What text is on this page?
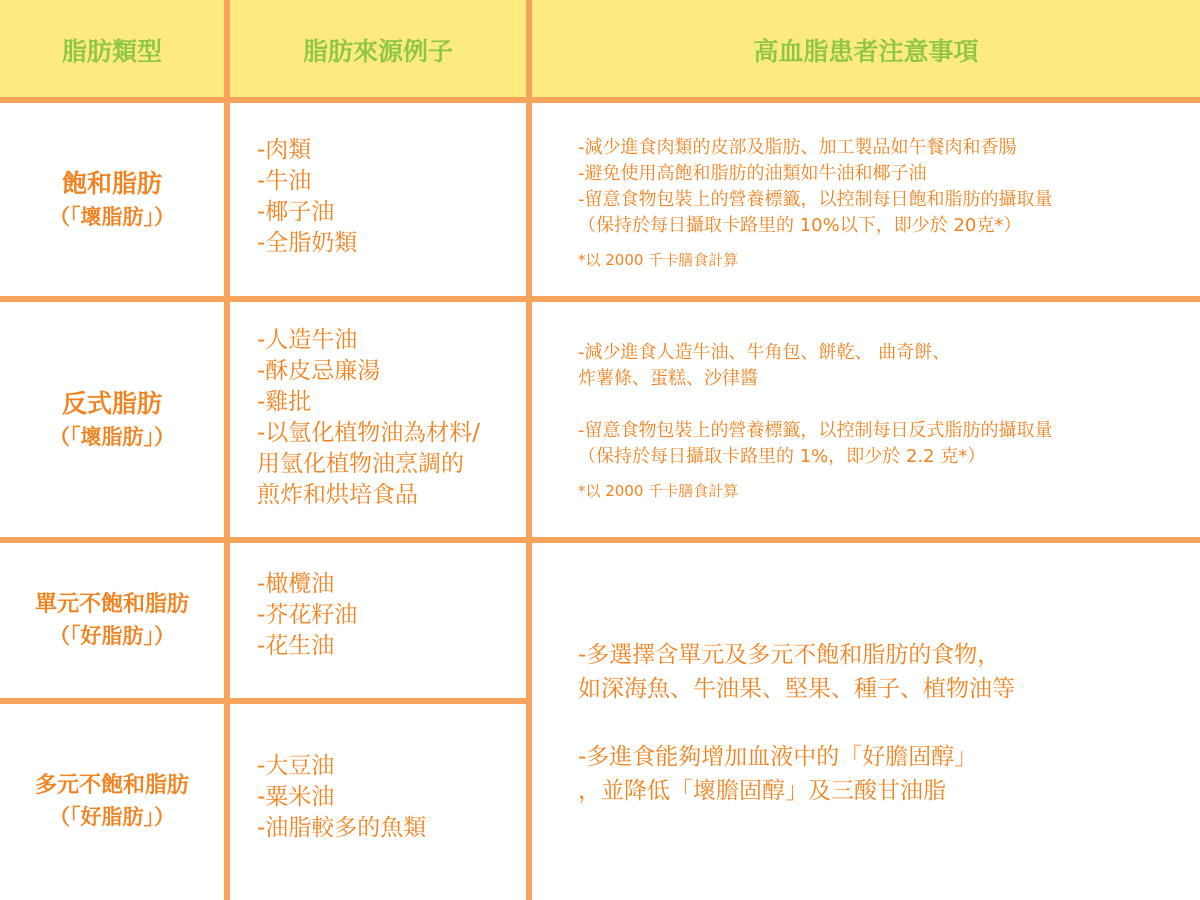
脂肪類型	脂肪來源例子	高血脂患者注意事項
飽和脂肪
（「壞脂肪」）
-肉類
-牛油
-椰子油
-全脂奶類
-減少進食肉類的皮部及脂肪、加工製品如午餐肉和香腸
-避免使用高飽和脂肪的油類如牛油和椰子油
-留意食物包裝上的營養標籤，以控制每日飽和脂肪的攝取量
（保持於每日攝取卡路里的 10%以下，即少於 20克*）
*以 2000 千卡膳食計算
反式脂肪
（「壞脂肪」）
-人造牛油
-酥皮忌廉湯
-雞批
-以氫化植物油為材料/
用氫化植物油烹調的
煎炸和烘培食品
-減少進食人造牛油、牛角包、餅乾、 曲奇餅、
炸薯條、蛋糕、沙律醬
-留意食物包裝上的營養標籤，以控制每日反式脂肪的攝取量
（保持於每日攝取卡路里的 1%，即少於 2.2 克*）
*以 2000 千卡膳食計算
單元不飽和脂肪
（「好脂肪」）
-橄欖油
-芥花籽油
-花生油
多元不飽和脂肪
（「好脂肪」）
-大豆油
-粟米油
-油脂較多的魚類
-多選擇含單元及多元不飽和脂肪的食物，
如深海魚、牛油果、堅果、種子、植物油等
-多進食能夠增加血液中的「好膽固醇」
，並降低「壞膽固醇」及三酸甘油脂
